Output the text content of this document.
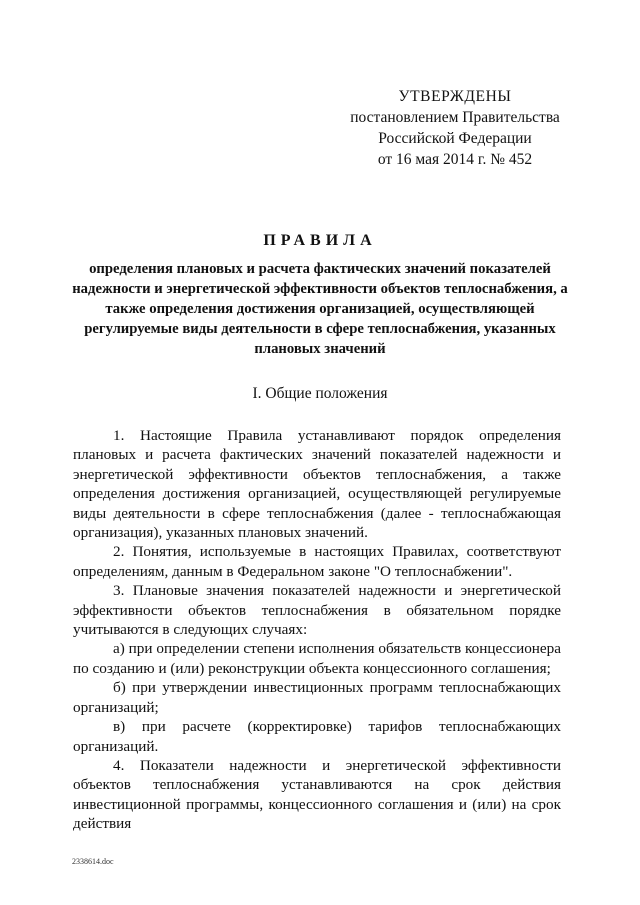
УТВЕРЖДЕНЫ
постановлением Правительства
Российской Федерации
от 16 мая 2014 г. № 452
ПРАВИЛА
определения плановых и расчета фактических значений показателей надежности и энергетической эффективности объектов теплоснабжения, а также определения достижения организацией, осуществляющей регулируемые виды деятельности в сфере теплоснабжения, указанных плановых значений
I. Общие положения

1. Настоящие Правила устанавливают порядок определения плановых и расчета фактических значений показателей надежности и энергетической эффективности объектов теплоснабжения, а также определения достижения организацией, осуществляющей регулируемые виды деятельности в сфере теплоснабжения (далее - теплоснабжающая организация), указанных плановых значений.

2. Понятия, используемые в настоящих Правилах, соответствуют определениям, данным в Федеральном законе "О теплоснабжении".

3. Плановые значения показателей надежности и энергетической эффективности объектов теплоснабжения в обязательном порядке учитываются в следующих случаях:

а) при определении степени исполнения обязательств концессионера по созданию и (или) реконструкции объекта концессионного соглашения;

б) при утверждении инвестиционных программ теплоснабжающих организаций;

в) при расчете (корректировке) тарифов теплоснабжающих организаций.

4. Показатели надежности и энергетической эффективности объектов теплоснабжения устанавливаются на срок действия инвестиционной программы, концессионного соглашения и (или) на срок действия

2338614.doc
